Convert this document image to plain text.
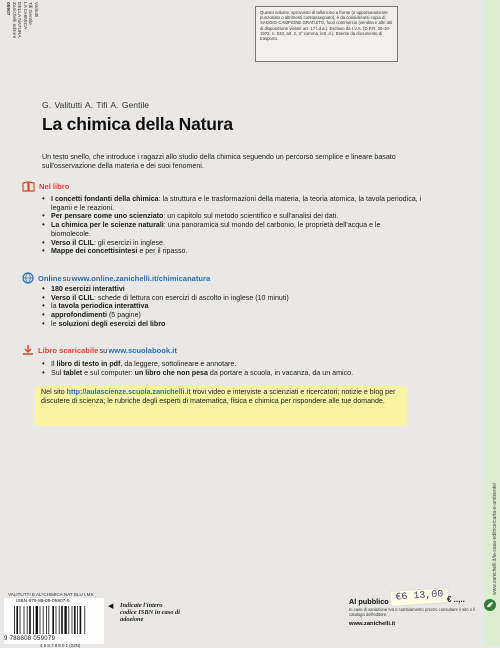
www.zanichelli.it/la-casa-editrice/carta-e-ambiente/
Valitutti
Tifi Gentile
LA CHIMICA
DELLA NATURA
Zanichelli editore
05907	Questo volume, sprovvisto di talloncino a fronte (o opportunamente punzonato o altrimenti contrassegnato), è da considerarsi copia di SAGGIO-CAMPIONE GRATUITO, fuori commercio (vendita e altri atti di disposizione vietati: art. 17 l.d.a.). Escluso da I.V.A. (D.P.R. 26-10-1972, n. 633, art. 2, 3° comma, lett. d.). Esente da documento di trasporto.
G. Valitutti A. Tifi A. Gentile
La chimica della Natura
Un testo snello, che introduce i ragazzi allo studio della chimica seguendo un percorso semplice e lineare basato sull'osservazione della materia e dei suoi fenomeni.
Nel libro
• I concetti fondanti della chimica: la struttura e le trasformazioni della materia, la teoria atomica, la tavola periodica, i legami e le reazioni.
• Per pensare come uno scienziato: un capitolo sul metodo scientifico e sull'analisi dei dati.
• La chimica per le scienze naturali: una panoramica sul mondo del carbonio, le proprietà dell'acqua e le biomolecole.
• Verso il CLIL: gli esercizi in inglese.
• Mappe dei concettisintesi e per il ripasso.
Online su www.online.zanichelli.it/chimicanatura
• 180 esercizi interattivi
• Verso il CLIL: schede di lettura con esercizi di ascolto in inglese (10 minuti)
• la tavola periodica interattiva
• approfondimenti (5 pagine)
• le soluzioni degli esercizi del libro
Libro scaricabile su www.scuolabook.it
• Il libro di testo in pdf, da leggere, sottolineare e annotare.
• Sul tablet e sul computer: un libro che non pesa da portare a scuola, in vacanza, da un amico.
Nel sito http://aulascienze.scuola.zanichelli.it trovi video e interviste a scienziati e ricercatori; notizie e blog per discutere di scienza; le rubriche degli esperti di matematica, fisica e chimica per rispondere alle tue domande.
VALITUTTI E AL*CHIMICA NAT BLU LMS
ISBN 978-88-08-05907-9
9 788808 059079
4 5 6 7 8 9 0 1 (02N)
◀ Indicate l'intero codice ISBN in caso di adozione
Al pubblico €6 13,00 € ..,..
In caso di variazione Iva o cambiamento prezzo consultare il sito o il catalogo dell'editore.
www.zanichelli.it
